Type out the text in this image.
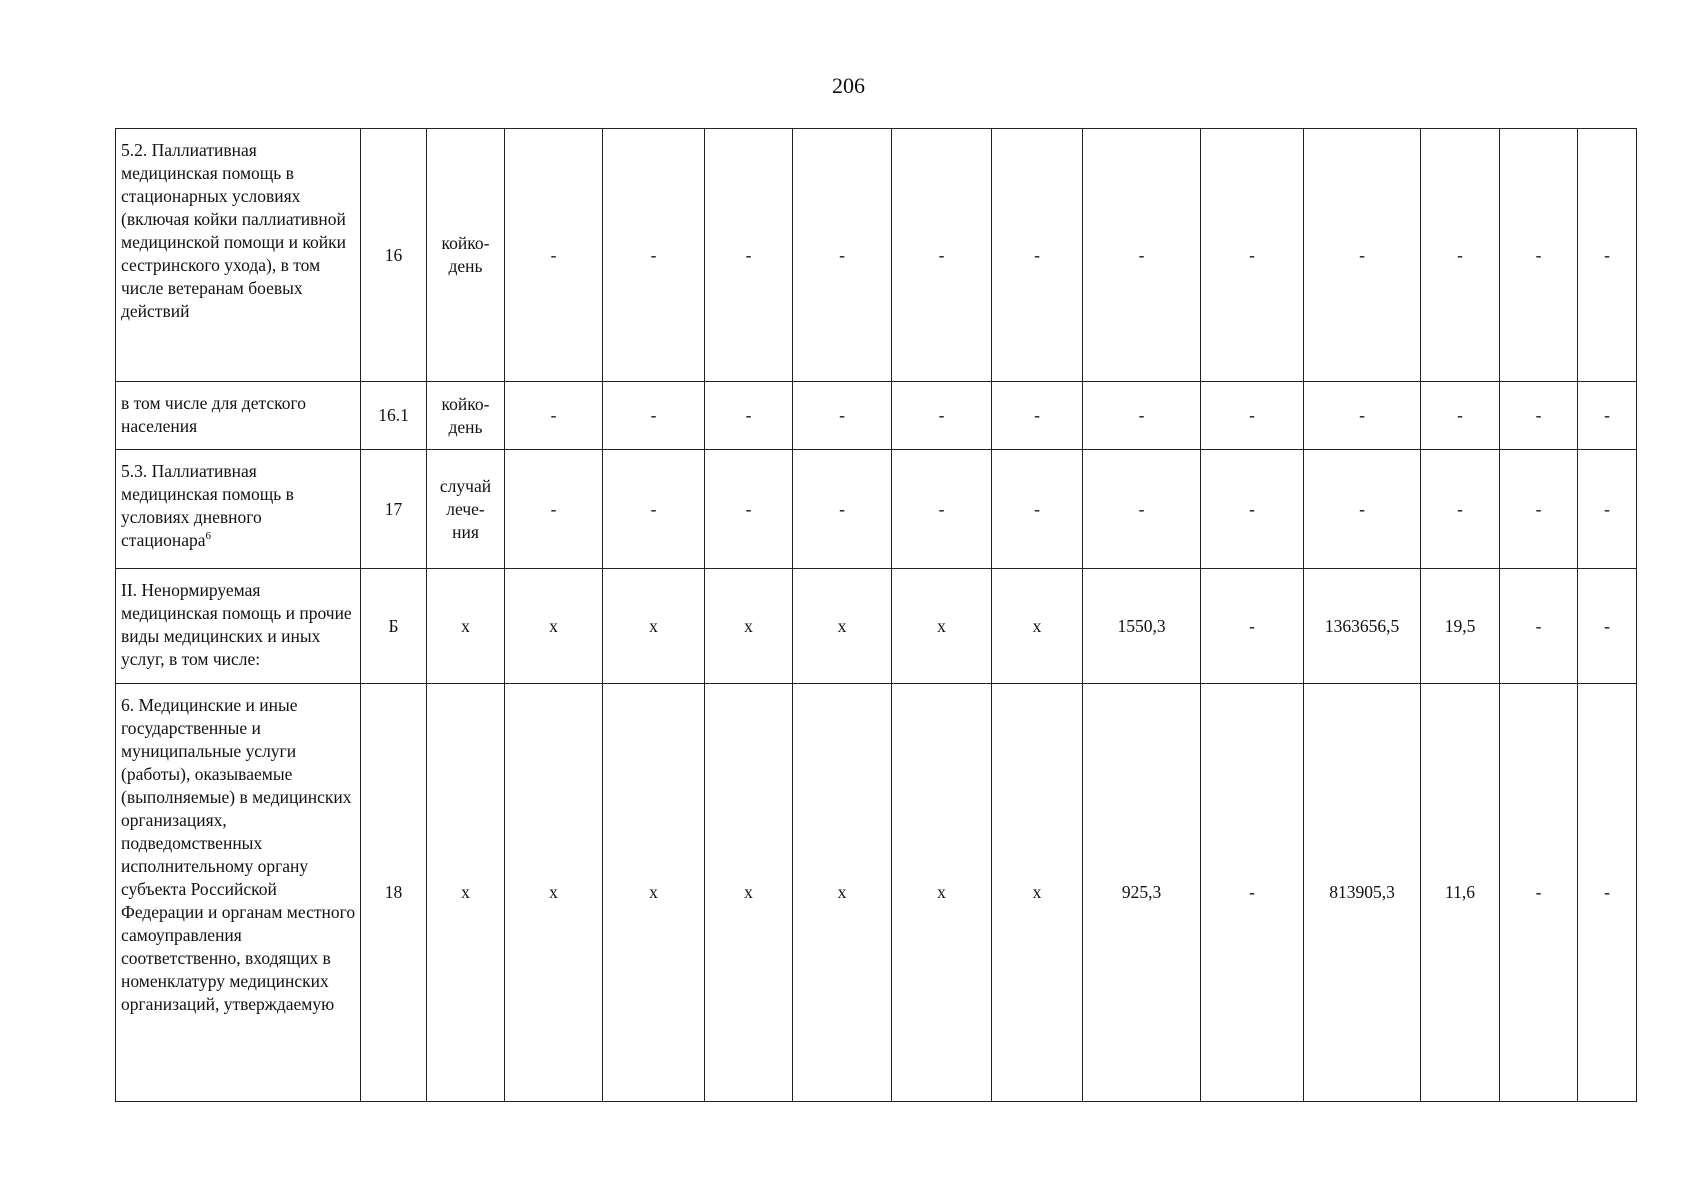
206
5.2. Паллиативная медицинская помощь в стационарных условиях (включая койки паллиативной медицинской помощи и койки сестринского ухода), в том числе ветеранам боевых действий	16	койко-
день	-	-	-	-	-	-	-	-	-	-	-	-
в том числе для детского населения	16.1	койко-
день	-	-	-	-	-	-	-	-	-	-	-	-
5.3. Паллиативная медицинская помощь в условиях дневного стационара$^6$	17	случай
лече-
ния	-	-	-	-	-	-	-	-	-	-	-	-
II. Ненормируемая медицинская помощь и прочие виды медицинских и иных услуг, в том числе:	Б	х	х	х	х	х	х	х	1550,3	-	1363656,5	19,5	-	-
6. Медицинские и иные государственные и муниципальные услуги (работы), оказываемые (выполняемые) в медицинских организациях, подведомственных исполнительному органу субъекта Российской Федерации и органам местного самоуправления соответственно, входящих в номенклатуру медицинских организаций, утверждаемую	18	х	х	х	х	х	х	х	925,3	-	813905,3	11,6	-	-
